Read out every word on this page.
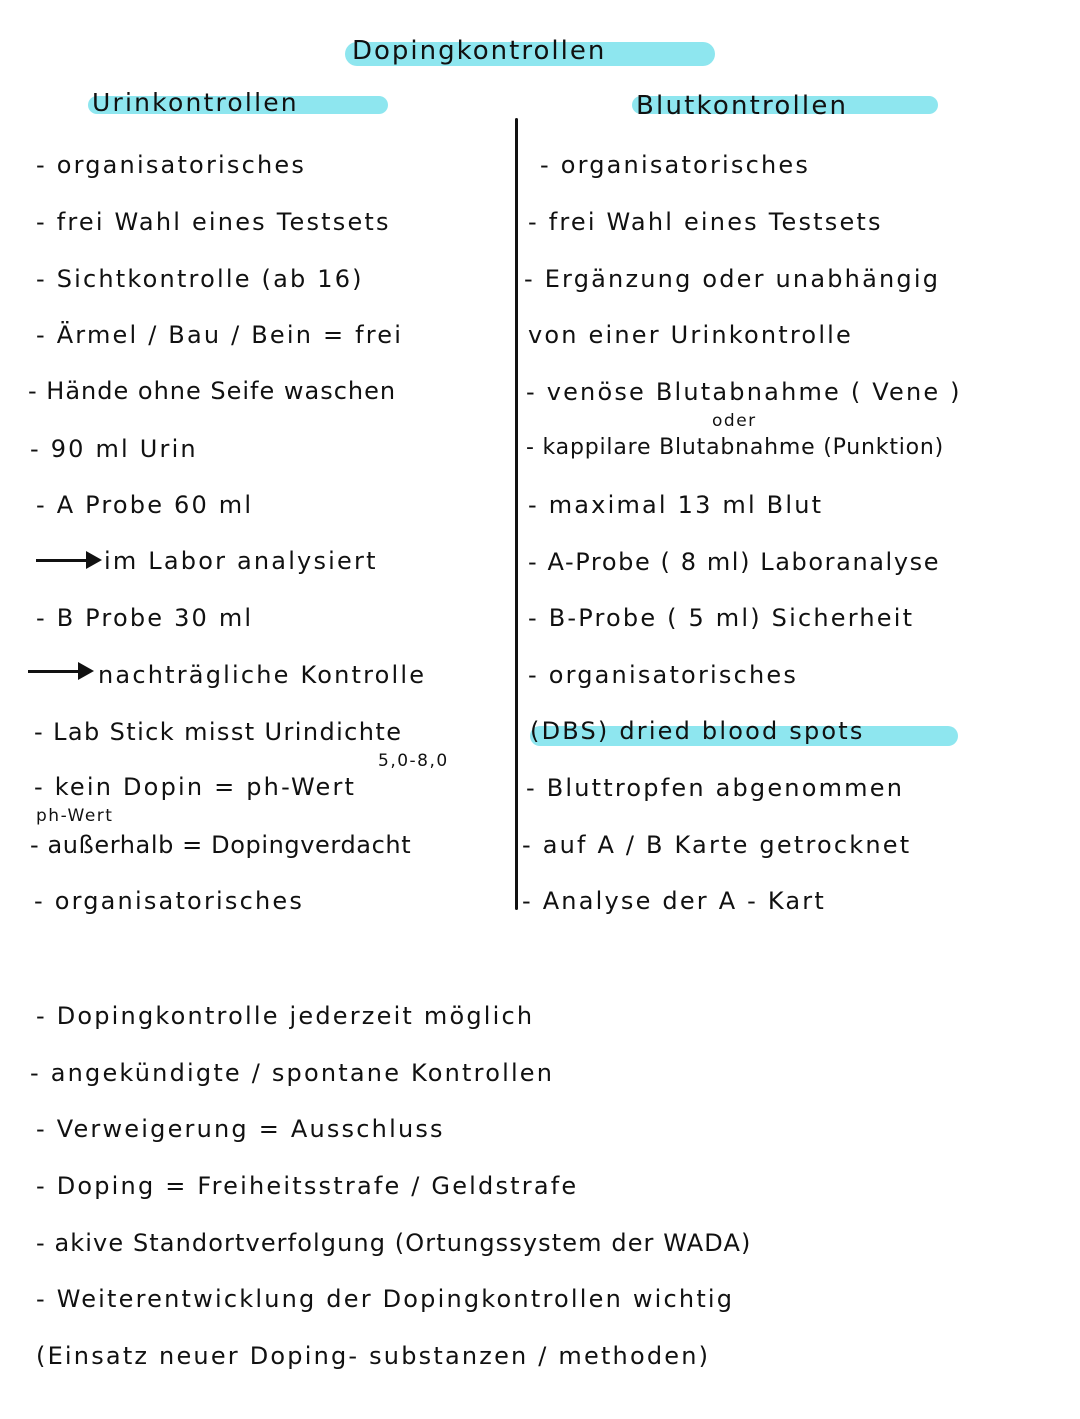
Dopingkontrollen
Urinkontrollen	Blutkontrollen
- organisatorisches
- frei Wahl eines Testsets
- Sichtkontrolle (ab 16)
- Ärmel / Bau / Bein = frei
- Hände ohne Seife waschen
- 90 ml Urin
- A Probe 60 ml
im Labor analysiert
- B Probe 30 ml
nachträgliche Kontrolle
- Lab Stick misst Urindichte
5,0-8,0
- kein Dopin = ph-Wert
ph-Wert
- außerhalb = Dopingverdacht
- organisatorisches
- organisatorisches
- frei Wahl eines Testsets
- Ergänzung oder unabhängig
von einer Urinkontrolle
- venöse Blutabnahme ( Vene )
oder
- kappilare Blutabnahme (Punktion)
- maximal 13 ml Blut
- A-Probe ( 8 ml) Laboranalyse
- B-Probe ( 5 ml) Sicherheit
- organisatorisches
(DBS) dried blood spots
- Bluttropfen abgenommen
- auf A / B Karte getrocknet
- Analyse der A - Kart
- Dopingkontrolle jederzeit möglich
- angekündigte / spontane Kontrollen
- Verweigerung = Ausschluss
- Doping = Freiheitsstrafe / Geldstrafe
- akive Standortverfolgung (Ortungssystem der WADA)
- Weiterentwicklung der Dopingkontrollen wichtig
(Einsatz neuer Doping- substanzen / methoden)
